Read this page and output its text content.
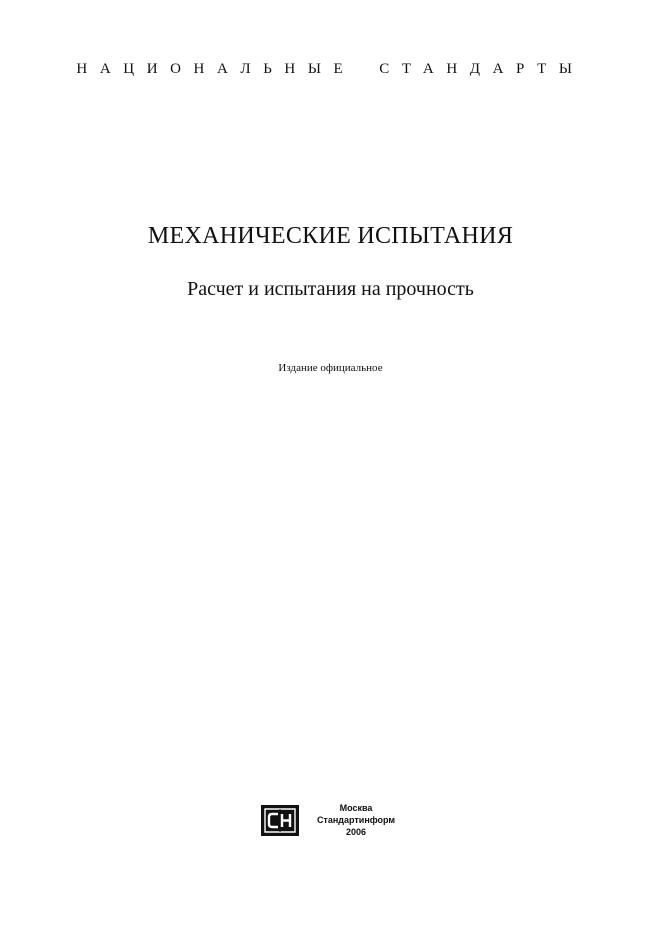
НАЦИОНАЛЬНЫЕ СТАНДАРТЫ
МЕХАНИЧЕСКИЕ ИСПЫТАНИЯ
Расчет и испытания на прочность
Издание официальное
Москва
Стандартинформ
2006
